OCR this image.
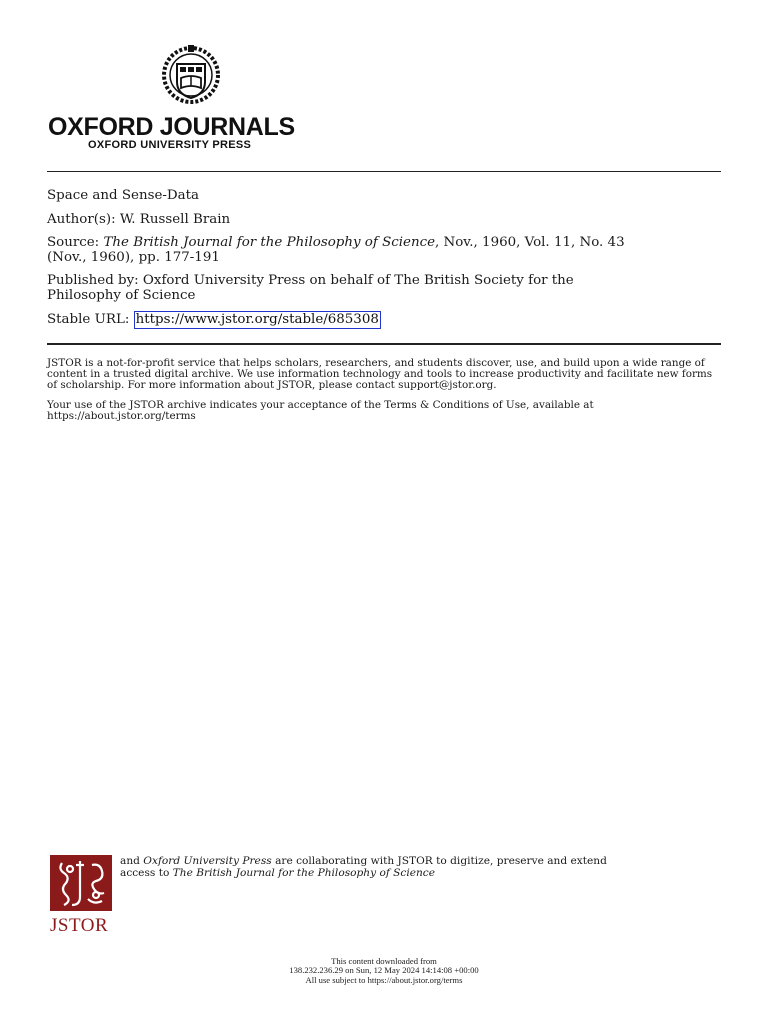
OXFORD JOURNALS
OXFORD UNIVERSITY PRESS
Space and Sense-Data
Author(s): W. Russell Brain
Source: The British Journal for the Philosophy of Science, Nov., 1960, Vol. 11, No. 43
(Nov., 1960), pp. 177-191
Published by: Oxford University Press on behalf of The British Society for the
Philosophy of Science
Stable URL: https://www.jstor.org/stable/685308

JSTOR is a not-for-profit service that helps scholars, researchers, and students discover, use, and build upon a wide range of content in a trusted digital archive. We use information technology and tools to increase productivity and facilitate new forms of scholarship. For more information about JSTOR, please contact support@jstor.org.

Your use of the JSTOR archive indicates your acceptance of the Terms & Conditions of Use, available at
https://about.jstor.org/terms

JSTOR
and Oxford University Press are collaborating with JSTOR to digitize, preserve and extend
access to The British Journal for the Philosophy of Science
This content downloaded from
138.232.236.29 on Sun, 12 May 2024 14:14:08 +00:00
All use subject to https://about.jstor.org/terms
